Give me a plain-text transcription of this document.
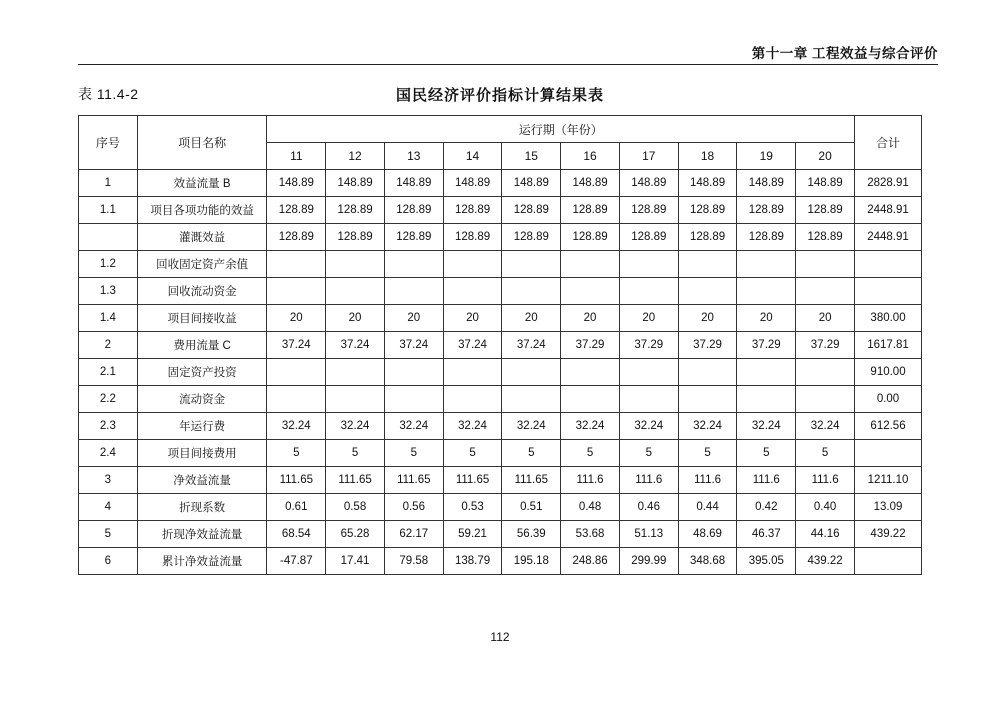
第十一章 工程效益与综合评价
表 11.4-2	国民经济评价指标计算结果表
序号	项目名称	运行期（年份）										合计
		11	12	13	14	15	16	17	18	19	20	
1	效益流量 B	148.89	148.89	148.89	148.89	148.89	148.89	148.89	148.89	148.89	148.89	2828.91
1.1	项目各项功能的效益	128.89	128.89	128.89	128.89	128.89	128.89	128.89	128.89	128.89	128.89	2448.91
	灌溉效益	128.89	128.89	128.89	128.89	128.89	128.89	128.89	128.89	128.89	128.89	2448.91
1.2	回收固定资产余值											
1.3	回收流动资金											
1.4	项目间接收益	20	20	20	20	20	20	20	20	20	20	380.00
2	费用流量 C	37.24	37.24	37.24	37.24	37.24	37.29	37.29	37.29	37.29	37.29	1617.81
2.1	固定资产投资											910.00
2.2	流动资金											0.00
2.3	年运行费	32.24	32.24	32.24	32.24	32.24	32.24	32.24	32.24	32.24	32.24	612.56
2.4	项目间接费用	5	5	5	5	5	5	5	5	5	5	
3	净效益流量	111.65	111.65	111.65	111.65	111.65	111.6	111.6	111.6	111.6	111.6	1211.10
4	折现系数	0.61	0.58	0.56	0.53	0.51	0.48	0.46	0.44	0.42	0.40	13.09
5	折现净效益流量	68.54	65.28	62.17	59.21	56.39	53.68	51.13	48.69	46.37	44.16	439.22
6	累计净效益流量	-47.87	17.41	79.58	138.79	195.18	248.86	299.99	348.68	395.05	439.22	
112
